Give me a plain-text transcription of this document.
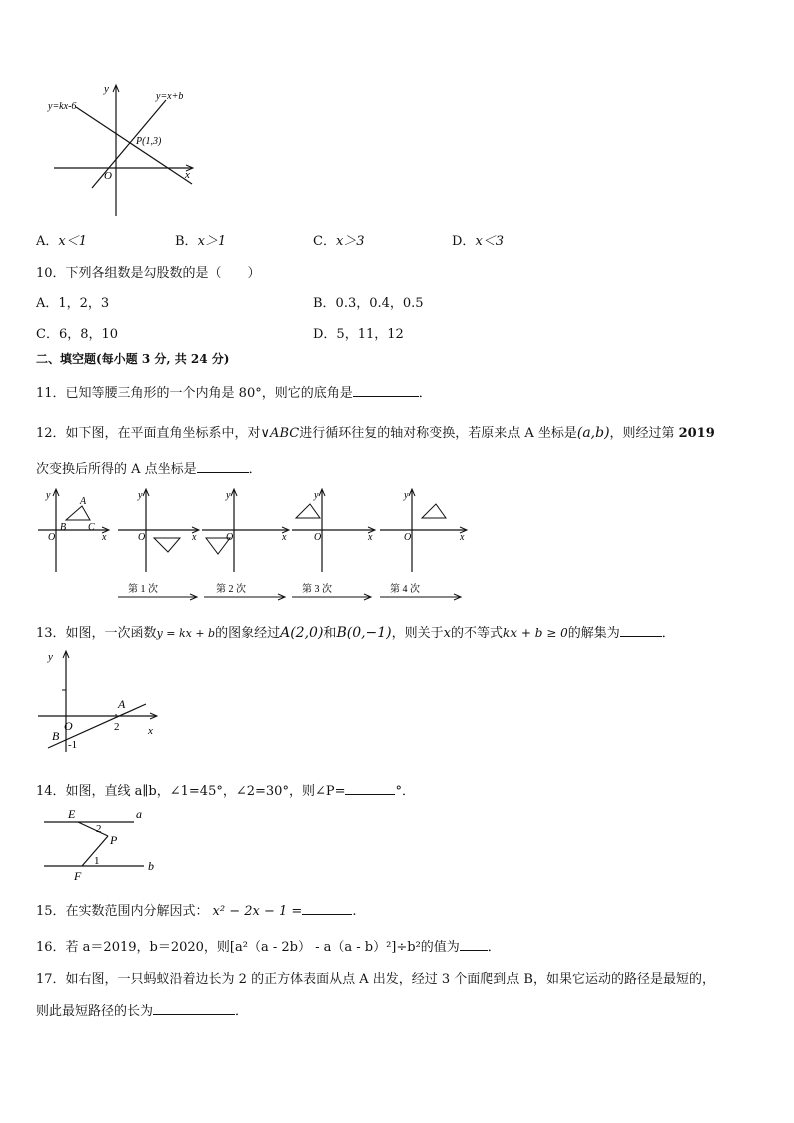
y=kx-6
y=x+b
P(1,3)
y
x
O
A．x＜1	B．x＞1	C．x＞3	D．x＜3
10．下列各组数是勾股数的是（　　）
A．1，2，3	B．0.3，0.4，0.5
C．6，8，10	D．5，11，12
二、填空题(每小题 3 分, 共 24 分)
11．已知等腰三角形的一个内角是 80°，则它的底角是	．
12．如下图，在平面直角坐标系中，对∨ABC进行循环往复的轴对称变换，若原来点 A 坐标是(a,b)，则经过第 2019
次变换后所得的 A 点坐标是	．
A
B C
y
x
O
y
x
O
y
x
O
y
x
O
y
x
O
第 1 次	第 2 次	第 3 次	第 4 次
13．如图，一次函数y = kx + b的图象经过A(2,0)和B(0,−1)，则关于x的不等式kx + b ≥ 0的解集为	．
y
x
O
A
2
B
-1
14．如图，直线 a∥b，∠1=45°，∠2=30°，则∠P=	°．
E	a
2
P
1	b
F
15．在实数范围内分解因式： x² − 2x − 1 =	.
16．若 a＝2019，b＝2020，则[a²（a - 2b） - a（a - b）²]÷b²的值为 ．
17．如右图，一只蚂蚁沿着边长为 2 的正方体表面从点 A 出发，经过 3 个面爬到点 B，如果它运动的路径是最短的，
则此最短路径的长为	．
